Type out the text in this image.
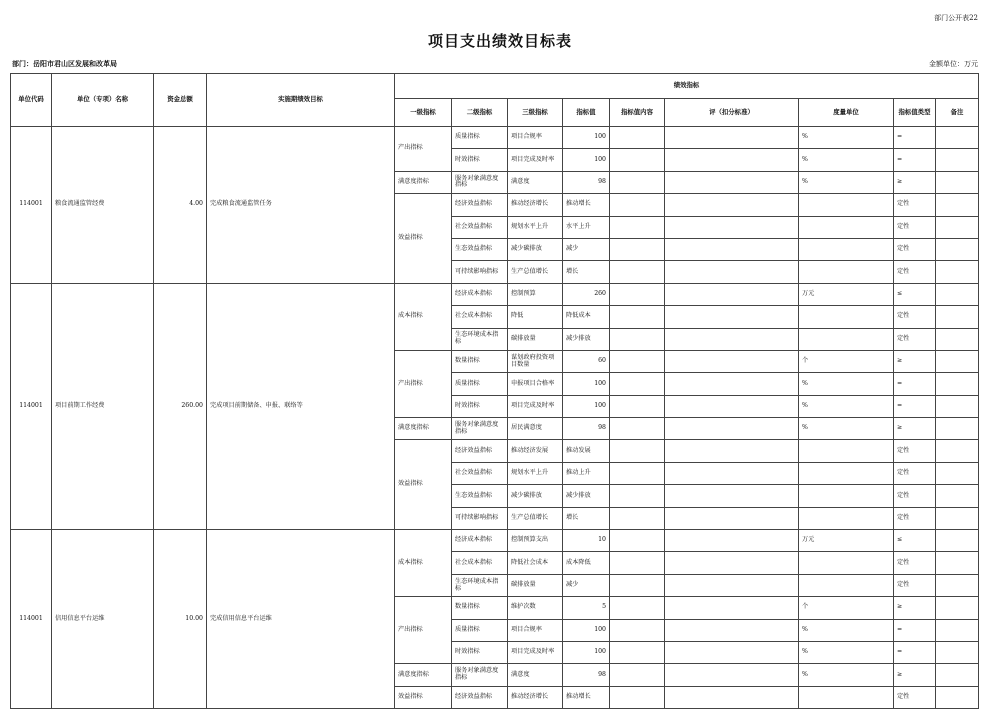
部门公开表22
项目支出绩效目标表
部门：岳阳市君山区发展和改革局	金额单位：万元
单位代码	单位（专项）名称	资金总额	实施期绩效目标	绩效指标								
				一级指标	二级指标	三级指标	指标值	指标值内容	评（扣分标准）	度量单位	指标值类型	备注
114001	粮食流通监管经费	4.00	完成粮食流通监管任务	产出指标	质量指标	项目合规率	100			%	=	
					时效指标	项目完成及时率	100			%	=	
				满意度指标	服务对象满意度指标	满意度	98			%	≥	
				效益指标	经济效益指标	推动经济增长	推动增长				定性	
					社会效益指标	规划水平上升	水平上升				定性	
					生态效益指标	减少碳排放	减少				定性	
					可持续影响指标	生产总值增长	增长				定性	
114001	项目前期工作经费	260.00	完成项目前期储备、申报、联络等	成本指标	经济成本指标	控制预算	260			万元	≤	
					社会成本指标	降低	降低成本				定性	
					生态环境成本指标	碳排放量	减少排放				定性	
				产出指标	数量指标	谋划政府投资项目数量	60			个	≥	
					质量指标	申报项目合格率	100			%	=	
					时效指标	项目完成及时率	100			%	=	
				满意度指标	服务对象满意度指标	居民满意度	98			%	≥	
				效益指标	经济效益指标	推动经济发展	推动发展				定性	
					社会效益指标	规划水平上升	推动上升				定性	
					生态效益指标	减少碳排放	减少排放				定性	
					可持续影响指标	生产总值增长	增长				定性	
114001	信用信息平台运维	10.00	完成信用信息平台运维	成本指标	经济成本指标	控制预算支出	10			万元	≤	
					社会成本指标	降低社会成本	成本降低				定性	
					生态环境成本指标	碳排放量	减少				定性	
				产出指标	数量指标	维护次数	5			个	≥	
					质量指标	项目合规率	100			%	=	
					时效指标	项目完成及时率	100			%	=	
				满意度指标	服务对象满意度指标	满意度	98			%	≥	
				效益指标	经济效益指标	推动经济增长	推动增长				定性	
